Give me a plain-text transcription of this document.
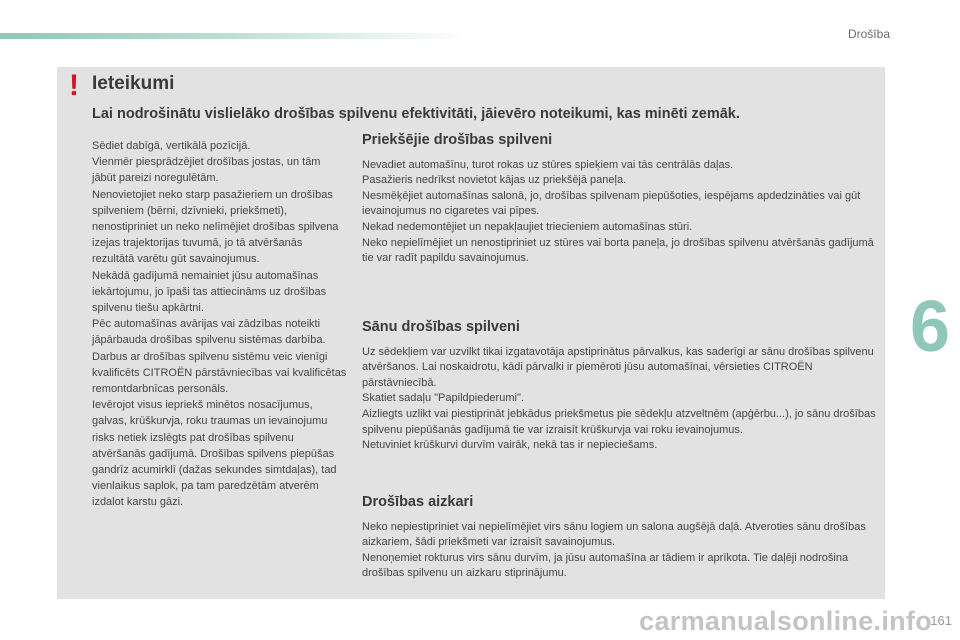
Drošība
6
! Ieteikumi

Lai nodrošinātu vislielāko drošības spilvenu efektivitāti, jāievēro noteikumi, kas minēti zemāk.

Sēdiet dabīgā, vertikālā pozīcijā.

Vienmēr piesprādzējiet drošības jostas, un tām jābūt pareizi noregulētām.

Nenovietojiet neko starp pasažieriem un drošības spilveniem (bērni, dzīvnieki, priekšmeti), nenostipriniet un neko nelīmējiet drošības spilvena izejas trajektorijas tuvumā, jo tā atvēršanās rezultātā varētu gūt savainojumus.

Nekādā gadījumā nemainiet jūsu automašīnas iekārtojumu, jo īpaši tas attiecināms uz drošības spilvenu tiešu apkārtni.

Pēc automašīnas avārijas vai zādzības noteikti jāpārbauda drošības spilvenu sistēmas darbība.

Darbus ar drošības spilvenu sistēmu veic vienīgi kvalificēts CITROËN pārstāvniecības vai kvalificētas remontdarbnīcas personāls.

Ievērojot visus iepriekš minētos nosacījumus, galvas, krūškurvja, roku traumas un ievainojumu risks netiek izslēgts pat drošības spilvenu atvēršanās gadījumā. Drošības spilvens piepūšas gandrīz acumirklī (dažas sekundes simtdaļas), tad vienlaikus saplok, pa tam paredzētām atverēm izdalot karstu gāzi.

Priekšējie drošības spilveni

Nevadiet automašīnu, turot rokas uz stūres spieķiem vai tās centrālās daļas.

Pasažieris nedrīkst novietot kājas uz priekšējā paneļa.

Nesmēķējiet automašīnas salonā, jo, drošības spilvenam piepūšoties, iespējams apdedzināties vai gūt ievainojumus no cigaretes vai pīpes.

Nekad nedemontējiet un nepakļaujiet triecieniem automašīnas stūri.

Neko nepielīmējiet un nenostipriniet uz stūres vai borta paneļa, jo drošības spilvenu atvēršanās gadījumā tie var radīt papildu savainojumus.

Sānu drošības spilveni

Uz sēdekļiem var uzvilkt tikai izgatavotāja apstiprinātus pārvalkus, kas saderīgi ar sānu drošības spilvenu atvēršanos. Lai noskaidrotu, kādi pārvalki ir piemēroti jūsu automašīnai, vērsieties CITROËN pārstāvniecībā.

Skatiet sadaļu "Papildpiederumi".

Aizliegts uzlikt vai piestiprināt jebkādus priekšmetus pie sēdekļu atzveltnēm (apģērbu...), jo sānu drošības spilvenu piepūšanās gadījumā tie var izraisīt krūškurvja vai roku ievainojumus.

Netuviniet krūškurvi durvīm vairāk, nekā tas ir nepieciešams.

Drošības aizkari

Neko nepiestipriniet vai nepielīmējiet virs sānu logiem un salona augšējā daļā. Atveroties sānu drošības aizkariem, šādi priekšmeti var izraisīt savainojumus.

Nenoņemiet rokturus virs sānu durvīm, ja jūsu automašīna ar tādiem ir aprīkota. Tie daļēji nodrošina drošības spilvenu un aizkaru stiprinājumu.

carmanualsonline.info
161
